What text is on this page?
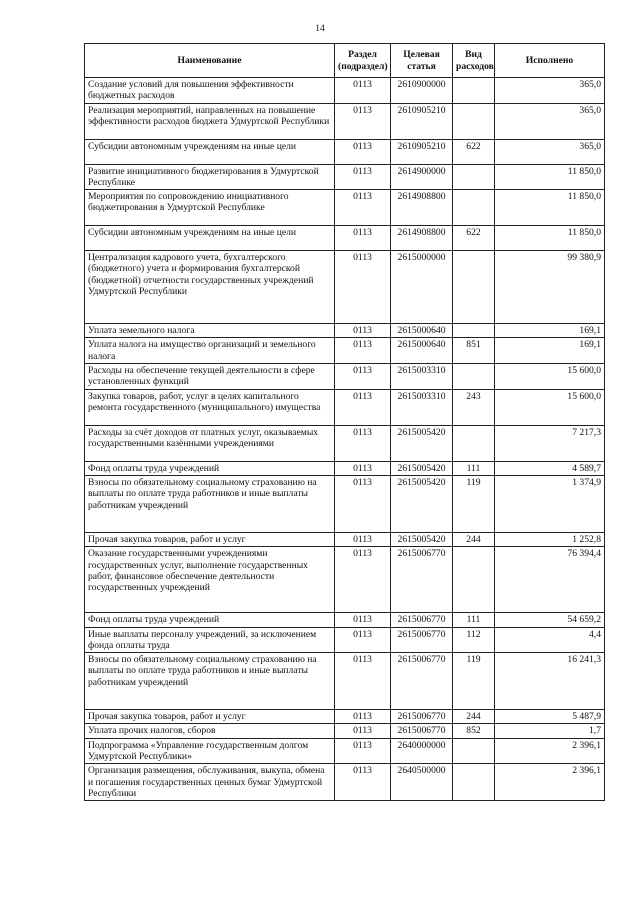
14
Наименование	Раздел (подраздел)	Целевая статья	Вид расходов	Исполнено
Создание условий для повышения эффективности бюджетных расходов	0113	2610900000		365,0
Реализация мероприятий, направленных на повышение эффективности расходов бюджета Удмуртской Республики	0113	2610905210		365,0
Субсидии автономным учреждениям на иные цели	0113	2610905210	622	365,0
Развитие инициативного бюджетирования в Удмуртской Республике	0113	2614900000		11 850,0
Мероприятия по сопровождению инициативного бюджетирования в Удмуртской Республике	0113	2614908800		11 850,0
Субсидии автономным учреждениям на иные цели	0113	2614908800	622	11 850,0
Централизация кадрового учета, бухгалтерского (бюджетного) учета и формирования бухгалтерской (бюджетной) отчетности государственных учреждений Удмуртской Республики	0113	2615000000		99 380,9
Уплата земельного налога	0113	2615000640		169,1
Уплата налога на имущество организаций и земельного налога	0113	2615000640	851	169,1
Расходы на обеспечение текущей деятельности в сфере установленных функций	0113	2615003310		15 600,0
Закупка товаров, работ, услуг в целях капитального ремонта государственного (муниципального) имущества	0113	2615003310	243	15 600,0
Расходы за счёт доходов от платных услуг, оказываемых государственными казёнными учреждениями	0113	2615005420		7 217,3
Фонд оплаты труда учреждений	0113	2615005420	111	4 589,7
Взносы по обязательному социальному страхованию на выплаты по оплате труда работников и иные выплаты работникам учреждений	0113	2615005420	119	1 374,9
Прочая закупка товаров, работ и услуг	0113	2615005420	244	1 252,8
Оказание государственными учреждениями государственных услуг, выполнение государственных работ, финансовое обеспечение деятельности государственных учреждений	0113	2615006770		76 394,4
Фонд оплаты труда учреждений	0113	2615006770	111	54 659,2
Иные выплаты персоналу учреждений, за исключением фонда оплаты труда	0113	2615006770	112	4,4
Взносы по обязательному социальному страхованию на выплаты по оплате труда работников и иные выплаты работникам учреждений	0113	2615006770	119	16 241,3
Прочая закупка товаров, работ и услуг	0113	2615006770	244	5 487,9
Уплата прочих налогов, сборов	0113	2615006770	852	1,7
Подпрограмма «Управление государственным долгом Удмуртской Республики»	0113	2640000000		2 396,1
Организация размещения, обслуживания, выкупа, обмена и погашения государственных ценных бумаг Удмуртской Республики	0113	2640500000		2 396,1
